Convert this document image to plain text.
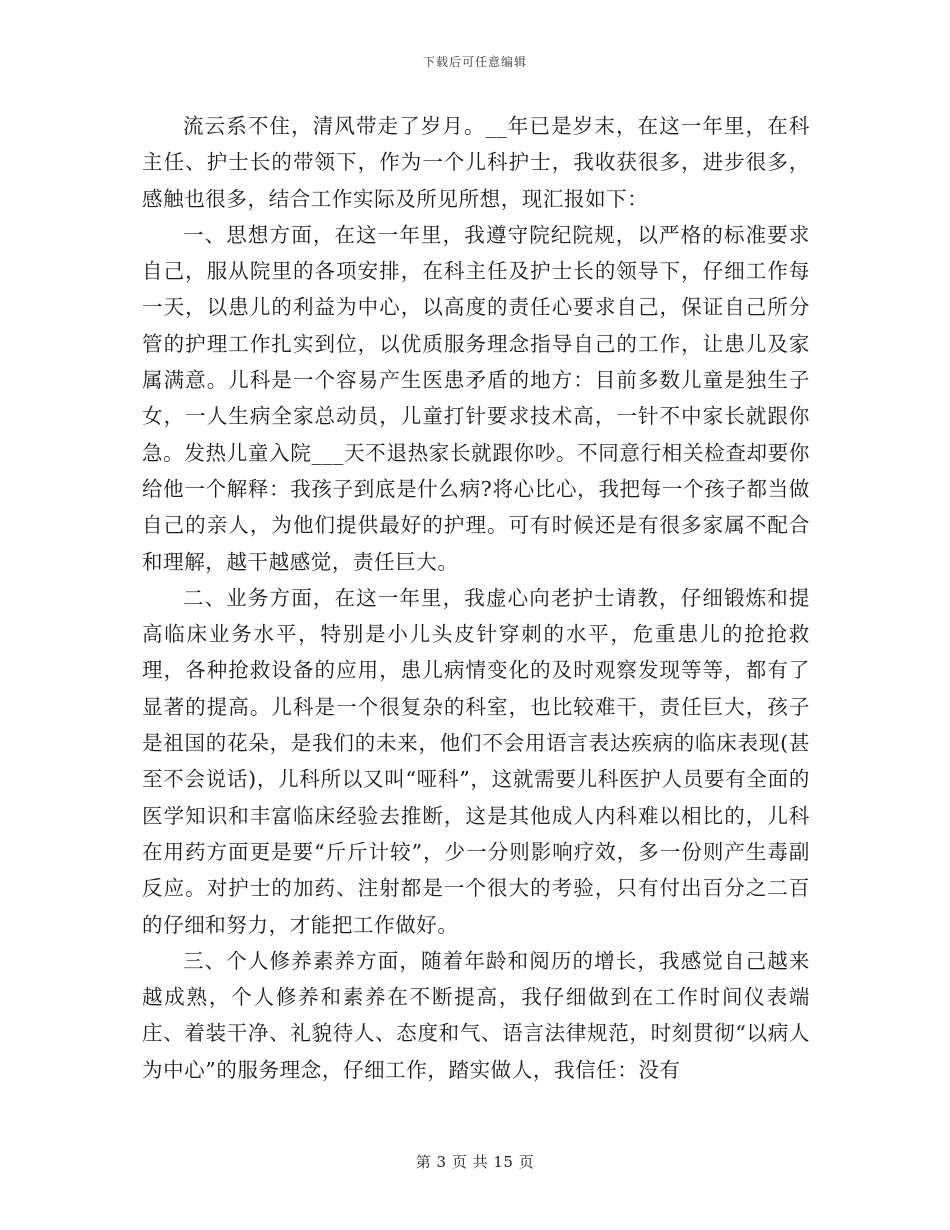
下载后可任意编辑

流云系不住，清风带走了岁月。__年已是岁末，在这一年里，在科主任、护士长的带领下，作为一个儿科护士，我收获很多，进步很多，感触也很多，结合工作实际及所见所想，现汇报如下：

一、思想方面，在这一年里，我遵守院纪院规，以严格的标准要求自己，服从院里的各项安排，在科主任及护士长的领导下，仔细工作每一天，以患儿的利益为中心，以高度的责任心要求自己，保证自己所分管的护理工作扎实到位，以优质服务理念指导自己的工作，让患儿及家属满意。儿科是一个容易产生医患矛盾的地方：目前多数儿童是独生子女，一人生病全家总动员，儿童打针要求技术高，一针不中家长就跟你急。发热儿童入院___天不退热家长就跟你吵。不同意行相关检查却要你给他一个解释：我孩子到底是什么病?将心比心，我把每一个孩子都当做自己的亲人，为他们提供最好的护理。可有时候还是有很多家属不配合和理解，越干越感觉，责任巨大。

二、业务方面，在这一年里，我虚心向老护士请教，仔细锻炼和提高临床业务水平，特别是小儿头皮针穿刺的水平，危重患儿的抢抢救理，各种抢救设备的应用，患儿病情变化的及时观察发现等等，都有了显著的提高。儿科是一个很复杂的科室，也比较难干，责任巨大，孩子是祖国的花朵，是我们的未来，他们不会用语言表达疾病的临床表现(甚至不会说话)，儿科所以又叫“哑科”，这就需要儿科医护人员要有全面的医学知识和丰富临床经验去推断，这是其他成人内科难以相比的，儿科在用药方面更是要“斤斤计较”，少一分则影响疗效，多一份则产生毒副反应。对护士的加药、注射都是一个很大的考验，只有付出百分之二百的仔细和努力，才能把工作做好。

三、个人修养素养方面，随着年龄和阅历的增长，我感觉自己越来越成熟，个人修养和素养在不断提高，我仔细做到在工作时间仪表端庄、着装干净、礼貌待人、态度和气、语言法律规范，时刻贯彻“以病人为中心”的服务理念，仔细工作，踏实做人，我信任：没有

第 3 页 共 15 页
